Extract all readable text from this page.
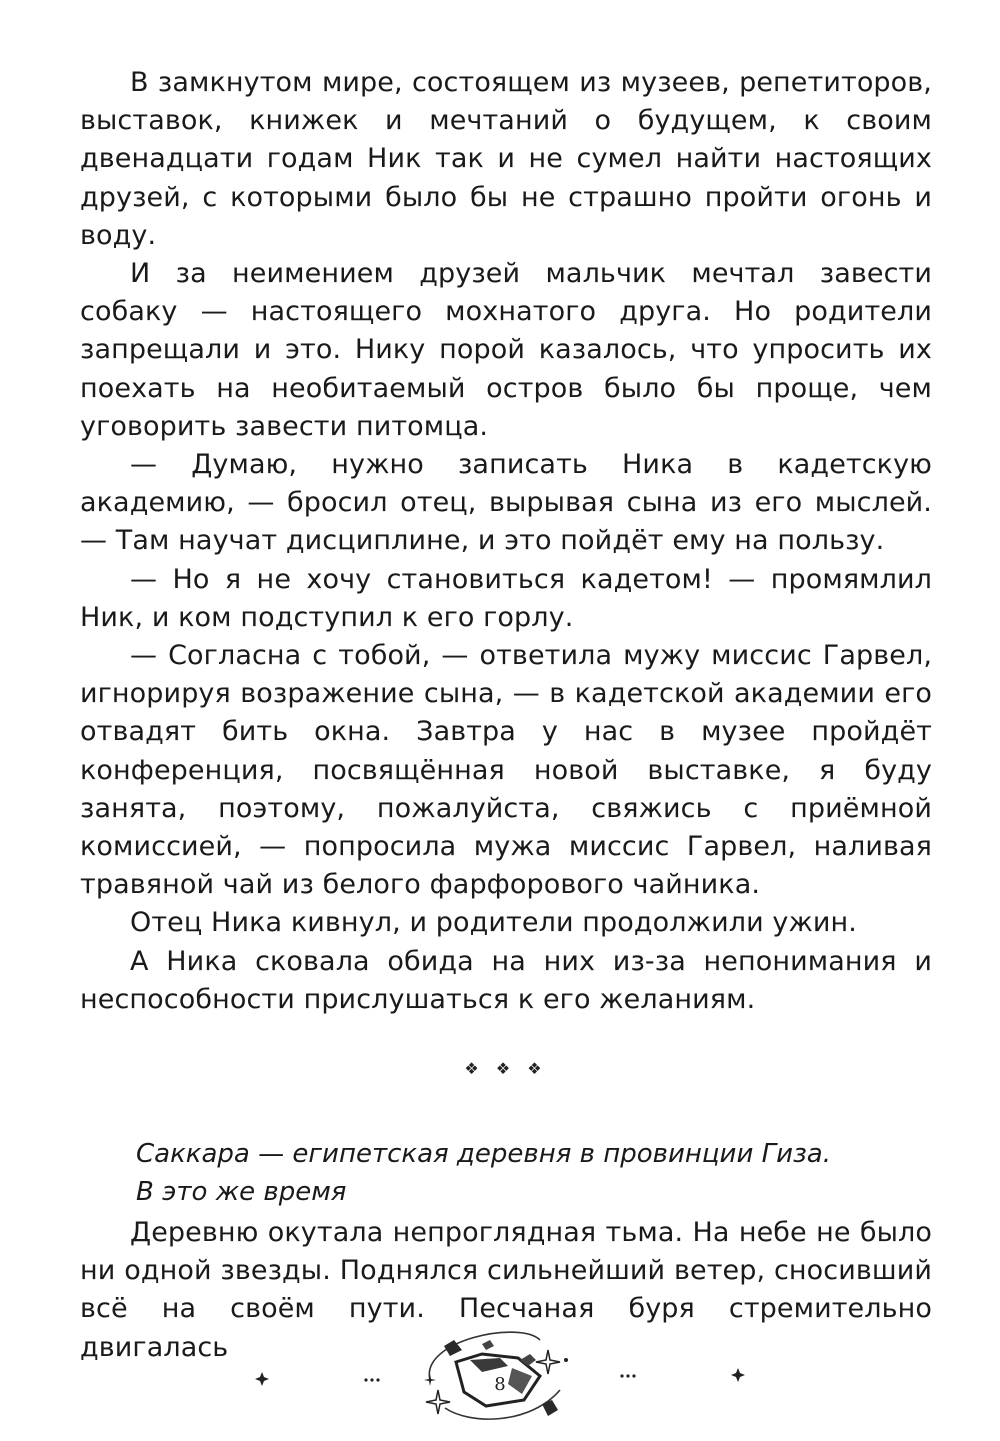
В замкнутом мире, состоящем из музеев, репетиторов, выставок, книжек и мечтаний о будущем, к своим двенадцати годам Ник так и не сумел найти настоящих друзей, с которыми было бы не страшно пройти огонь и воду.

И за неимением друзей мальчик мечтал завести собаку — настоящего мохнатого друга. Но родители запрещали и это. Нику порой казалось, что упросить их поехать на необитаемый остров было бы проще, чем уговорить завести питомца.

— Думаю, нужно записать Ника в кадетскую академию, — бросил отец, вырывая сына из его мыслей. — Там научат дисциплине, и это пойдёт ему на пользу.

— Но я не хочу становиться кадетом! — промямлил Ник, и ком подступил к его горлу.

— Согласна с тобой, — ответила мужу миссис Гарвел, игнорируя возражение сына, — в кадетской академии его отвадят бить окна. Завтра у нас в музее пройдёт конференция, посвящённая новой выставке, я буду занята, поэтому, пожалуйста, свяжись с приёмной комиссией, — попросила мужа миссис Гарвел, наливая травяной чай из белого фарфорового чайника.

Отец Ника кивнул, и родители продолжили ужин.

А Ника сковала обида на них из-за непонимания и неспособности прислушаться к его желаниям.

❖ ❖ ❖

Саккара — египетская деревня в провинции Гиза.

В это же время

Деревню окутала непроглядная тьма. На небе не было ни одной звезды. Поднялся сильнейший ветер, сносивший всё на своём пути. Песчаная буря стремительно двигалась

8
